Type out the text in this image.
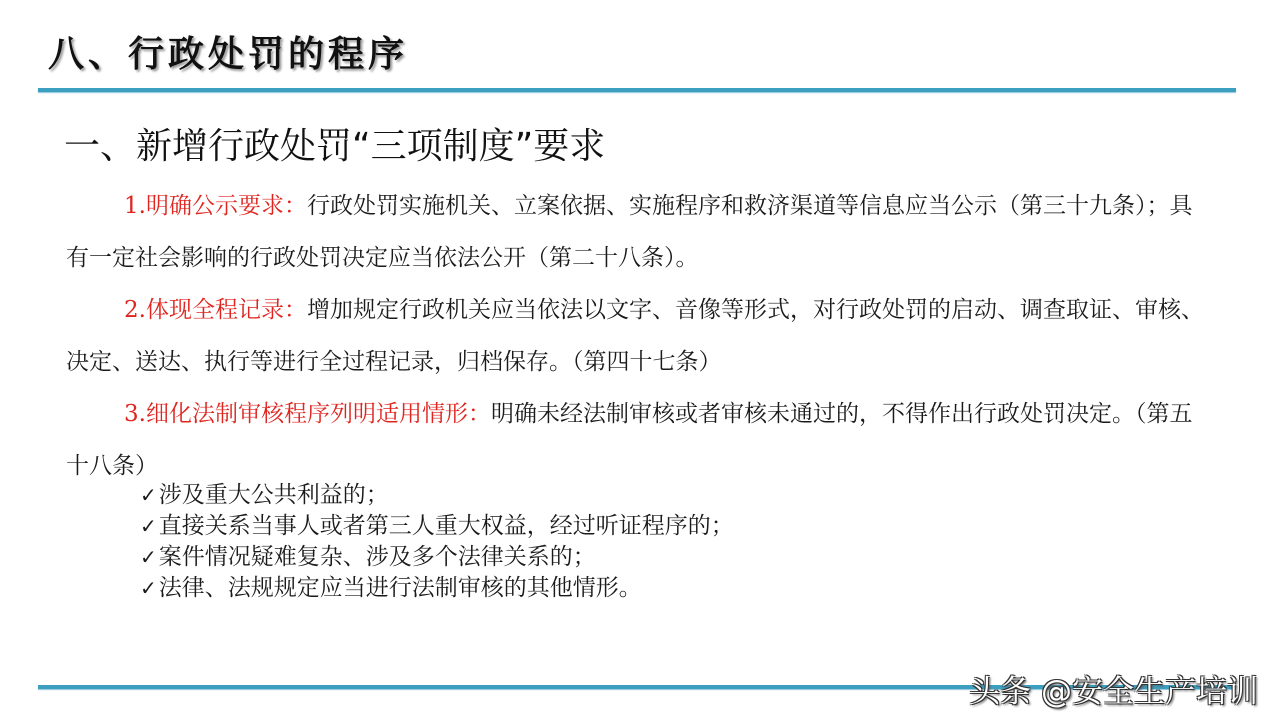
八、行政处罚的程序
一、新增行政处罚“三项制度”要求
1.明确公示要求：行政处罚实施机关、立案依据、实施程序和救济渠道等信息应当公示（第三十九条）；具有一定社会影响的行政处罚决定应当依法公开（第二十八条）。
2.体现全程记录：增加规定行政机关应当依法以文字、音像等形式，对行政处罚的启动、调查取证、审核、决定、送达、执行等进行全过程记录，归档保存。（第四十七条）
3.细化法制审核程序列明适用情形：明确未经法制审核或者审核未通过的，不得作出行政处罚决定。（第五十八条）
✓ 涉及重大公共利益的；
✓ 直接关系当事人或者第三人重大权益，经过听证程序的；
✓ 案件情况疑难复杂、涉及多个法律关系的；
✓ 法律、法规规定应当进行法制审核的其他情形。
头条 @安全生产培训
